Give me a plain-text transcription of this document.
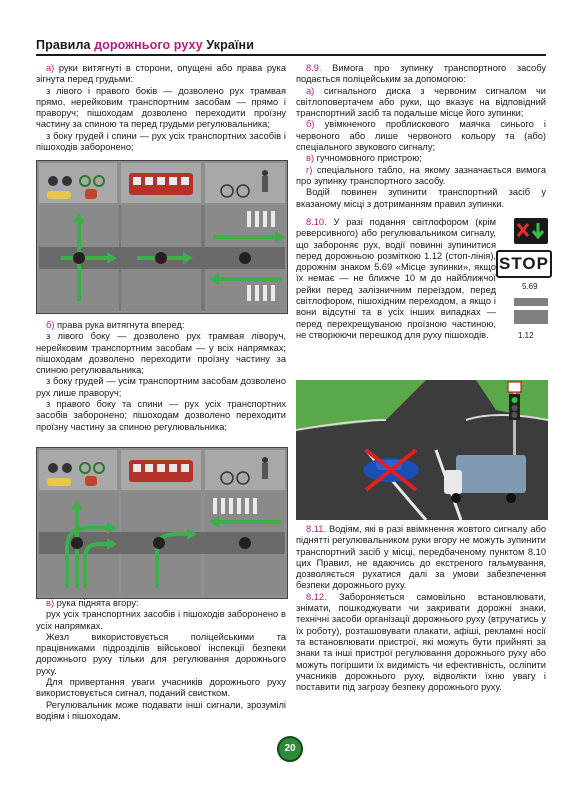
Правила дорожнього руху України

а) руки витягнуті в сторони, опущені або права рука зігнута перед грудьми:

з лівого і правого боків — дозволено рух трамвая прямо, нерейковим транспортним засобам — прямо і праворуч; пішоходам дозволено переходити проїзну частину за спиною та перед грудьми регулювальника;

з боку грудей і спини — рух усіх транспортних засобів і пішоходів заборонено;

б) права рука витягнута вперед:

з лівого боку — дозволено рух трамвая ліворуч, нерейковим транспортним засобам — у всіх напрямках; пішоходам дозволено переходити проїзну частину за спиною регулювальника;

з боку грудей — усім транспортним засобам дозволено рух лише праворуч;

з правого боку та спини — рух усіх транспортних засобів заборонено; пішоходам дозволено переходити проїзну частину за спиною регулювальника;

в) рука піднята вгору:

рух усіх транспортних засобів і пішоходів заборонено в усіх напрямках.

Жезл використовується поліцейськими та працівниками підрозділів військової інспекції безпеки дорожнього руху тільки для регулювання дорожнього руху.

Для привертання уваги учасників дорожнього руху використовується сигнал, поданий свистком.

Регулювальник може подавати інші сигнали, зрозумілі водіям і пішоходам.

8.9. Вимога про зупинку транспортного засобу подається поліцейським за допомогою:

а) сигнального диска з червоним сигналом чи світлоповертачем або руки, що вказує на відповідний транспортний засіб та подальше місце його зупинки;

б) увімкненого проблискового маячка синього і червоного або лише червоного кольору та (або) спеціального звукового сигналу;

в) гучномовного пристрою;

г) спеціального табло, на якому зазначається вимога про зупинку транспортного засобу.

Водій повинен зупинити транспортний засіб у вказаному місці з дотриманням правил зупинки.

8.10. У разі подання світлофором (крім реверсивного) або регулювальником сигналу, що забороняє рух, водії повинні зупинитися перед дорожньою розміткою 1.12 (стоп-лінія), дорожнім знаком 5.69 «Місце зупинки», якщо їх немає — не ближче 10 м до найближчої рейки перед залізничним переїздом, перед світлофором, пішохідним переходом, а якщо і вони відсутні та в усіх інших випадках — перед перехрещуваною проїзною частиною, не створюючи перешкод для руху пішоходів.

STOP
5.69
1.12

8.11. Водіям, які в разі ввімкнення жовтого сигналу або піднятті регулювальником руки вгору не можуть зупинити транспортний засіб у місці, передбаченому пунктом 8.10 цих Правил, не вдаючись до екстреного гальмування, дозволяється рухатися далі за умови забезпечення безпеки дорожнього руху.

8.12. Забороняється самовільно встановлювати, знімати, пошкоджувати чи закривати дорожні знаки, технічні засоби організації дорожнього руху (втручатись у їх роботу), розташовувати плакати, афіші, рекламні носії та встановлювати пристрої, які можуть бути прийняті за знаки та інші пристрої регулювання дорожнього руху або можуть погіршити їх видимість чи ефективність, осліпити учасників дорожнього руху, відволікти їхню увагу і поставити під загрозу безпеку дорожнього руху.

20
